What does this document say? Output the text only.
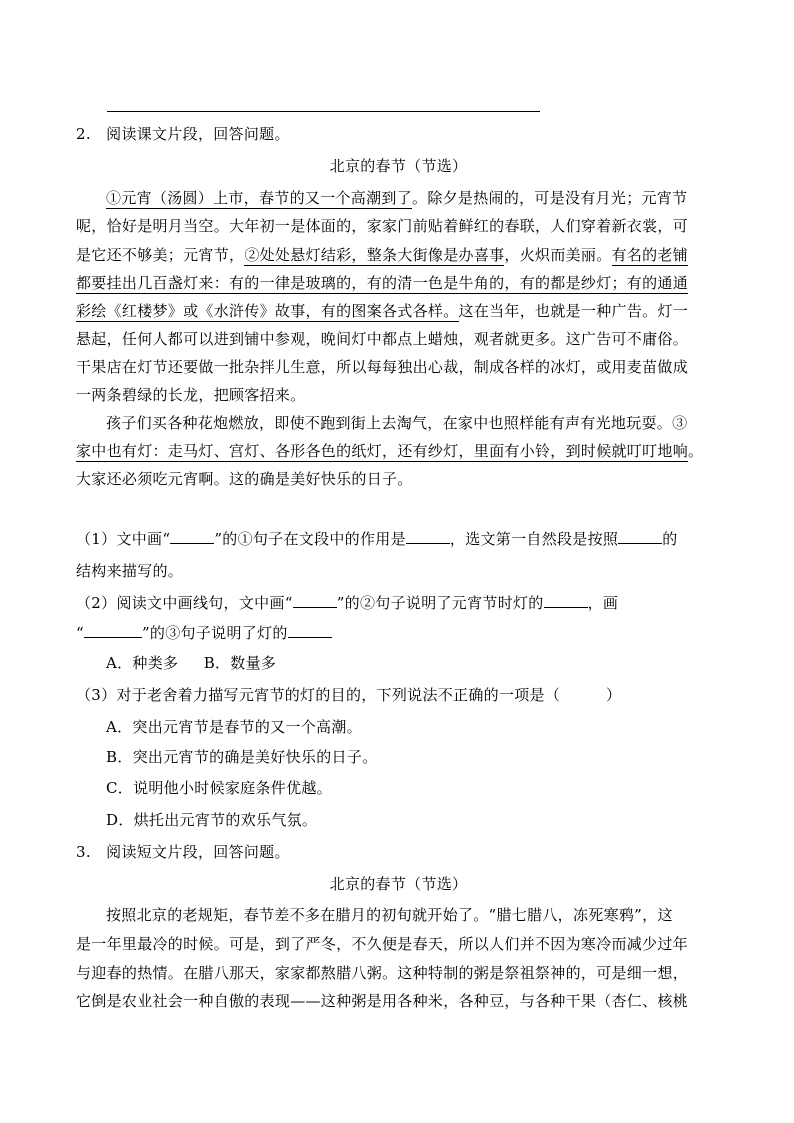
2. 阅读课文片段，回答问题。
北京的春节（节选）
①元宵（汤圆）上市，春节的又一个高潮到了。除夕是热闹的，可是没有月光；元宵节
呢，恰好是明月当空。大年初一是体面的，家家门前贴着鲜红的春联，人们穿着新衣裳，可
是它还不够美；元宵节，②处处悬灯结彩，整条大街像是办喜事，火炽而美丽。有名的老铺
都要挂出几百盏灯来：有的一律是玻璃的，有的清一色是牛角的，有的都是纱灯；有的通通
彩绘《红楼梦》或《水浒传》故事，有的图案各式各样。这在当年，也就是一种广告。灯一
悬起，任何人都可以进到铺中参观，晚间灯中都点上蜡烛，观者就更多。这广告可不庸俗。
干果店在灯节还要做一批杂拌儿生意，所以每每独出心裁，制成各样的冰灯，或用麦苗做成
一两条碧绿的长龙，把顾客招来。
孩子们买各种花炮燃放，即使不跑到街上去淘气，在家中也照样能有声有光地玩耍。③
家中也有灯：走马灯、宫灯、各形各色的纸灯，还有纱灯，里面有小铃，到时候就叮叮地响。
大家还必须吃元宵啊。这的确是美好快乐的日子。
（1）文中画“	”的①句子在文段中的作用是	，选文第一自然段是按照	的
结构来描写的。
（2）阅读文中画线句，文中画“	”的②句子说明了元宵节时灯的	，画
“	”的③句子说明了灯的
A．种类多 B．数量多
（3）对于老舍着力描写元宵节的灯的目的，下列说法不正确的一项是（　　　）
A．突出元宵节是春节的又一个高潮。
B．突出元宵节的确是美好快乐的日子。
C．说明他小时候家庭条件优越。
D．烘托出元宵节的欢乐气氛。
3. 阅读短文片段，回答问题。
北京的春节（节选）
按照北京的老规矩，春节差不多在腊月的初旬就开始了。“腊七腊八，冻死寒鸦”，这
是一年里最冷的时候。可是，到了严冬，不久便是春天，所以人们并不因为寒冷而减少过年
与迎春的热情。在腊八那天，家家都熬腊八粥。这种特制的粥是祭祖祭神的，可是细一想，
它倒是农业社会一种自傲的表现——这种粥是用各种米，各种豆，与各种干果（杏仁、核桃
